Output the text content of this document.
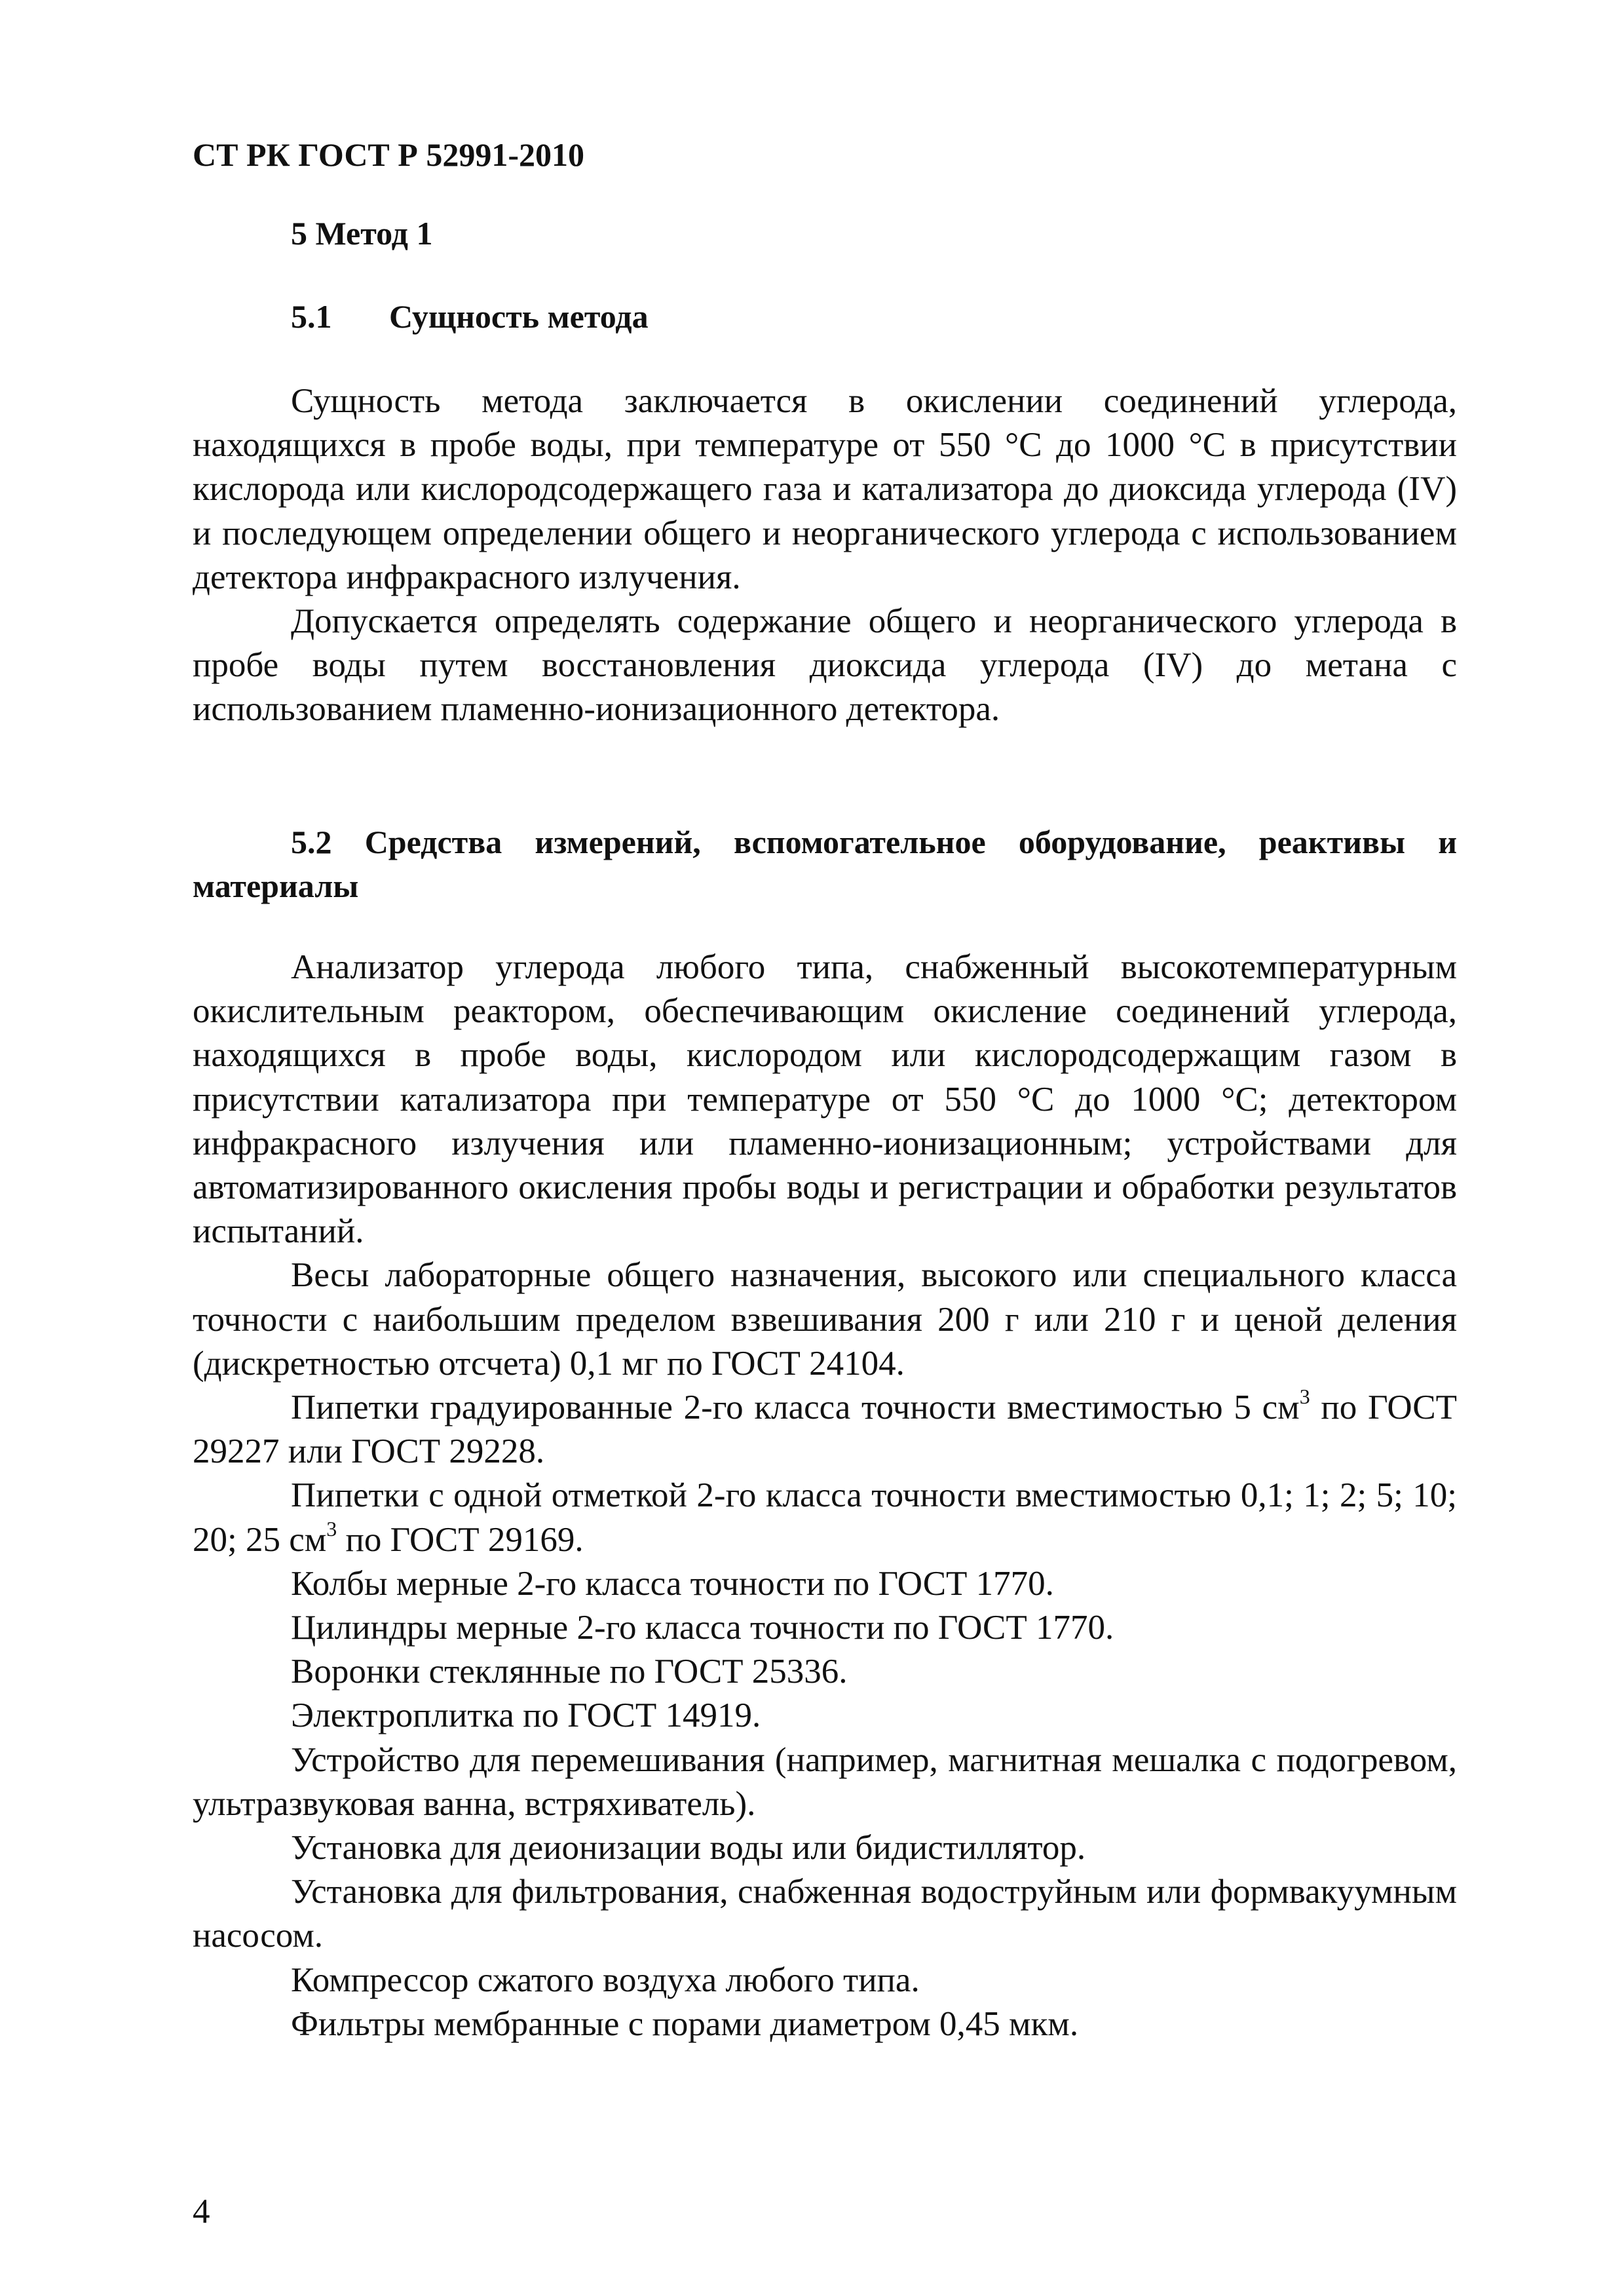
СТ РК ГОСТ Р 52991-2010
5 Метод 1
5.1 Сущность метода

Сущность метода заключается в окислении соединений углерода, находящихся в пробе воды, при температуре от 550 °С до 1000 °С в присутствии кислорода или кислородсодержащего газа и катализатора до диоксида углерода (IV) и последующем определении общего и неорганического углерода с использованием детектора инфракрасного излучения.

Допускается определять содержание общего и неорганического углерода в пробе воды путем восстановления диоксида углерода (IV) до метана с использованием пламенно-ионизационного детектора.

5.2 Средства измерений, вспомогательное оборудование, реактивы и материалы

Анализатор углерода любого типа, снабженный высокотемпературным окислительным реактором, обеспечивающим окисление соединений углерода, находящихся в пробе воды, кислородом или кислородсодержащим газом в присутствии катализатора при температуре от 550 °С до 1000 °С; детектором инфракрасного излучения или пламенно-ионизационным; устройствами для автоматизированного окисления пробы воды и регистрации и обработки результатов испытаний.

Весы лабораторные общего назначения, высокого или специального класса точности с наибольшим пределом взвешивания 200 г или 210 г и ценой деления (дискретностью отсчета) 0,1 мг по ГОСТ 24104.

Пипетки градуированные 2-го класса точности вместимостью 5 $см^3$ по ГОСТ 29227 или ГОСТ 29228.

Пипетки с одной отметкой 2-го класса точности вместимостью 0,1; 1; 2; 5; 10; 20; 25 $см^3$ по ГОСТ 29169.

Колбы мерные 2-го класса точности по ГОСТ 1770.

Цилиндры мерные 2-го класса точности по ГОСТ 1770.

Воронки стеклянные по ГОСТ 25336.

Электроплитка по ГОСТ 14919.

Устройство для перемешивания (например, магнитная мешалка с подогревом, ультразвуковая ванна, встряхиватель).

Установка для деионизации воды или бидистиллятор.

Установка для фильтрования, снабженная водоструйным или формвакуумным насосом.

Компрессор сжатого воздуха любого типа.

Фильтры мембранные с порами диаметром 0,45 мкм.

4
